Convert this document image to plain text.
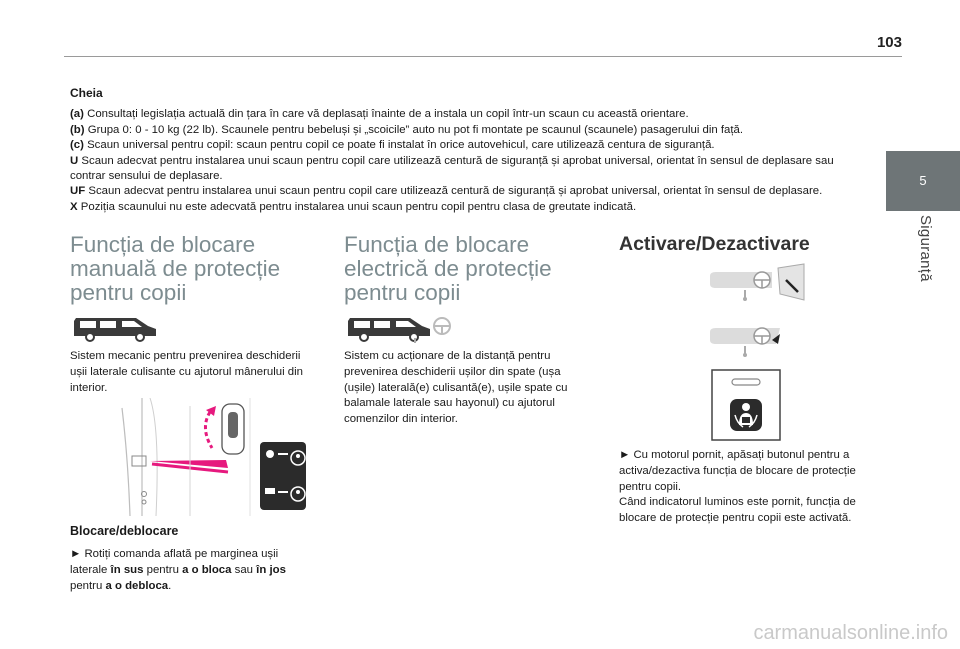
103
5
Siguranță
Cheia
(a) Consultați legislația actuală din țara în care vă deplasați înainte de a instala un copil într-un scaun cu această orientare.
(b) Grupa 0: 0 - 10 kg (22 lb). Scaunele pentru bebeluși și „scoicile” auto nu pot fi montate pe scaunul (scaunele) pasagerului din față.
(c) Scaun universal pentru copil: scaun pentru copil ce poate fi instalat în orice autovehicul, care utilizează centura de siguranță.
U Scaun adecvat pentru instalarea unui scaun pentru copil care utilizează centură de siguranță și aprobat universal, orientat în sensul de deplasare sau contrar sensului de deplasare.
UF Scaun adecvat pentru instalarea unui scaun pentru copil care utilizează centură de siguranță și aprobat universal, orientat în sensul de deplasare.
X Poziția scaunului nu este adecvată pentru instalarea unui scaun pentru copil pentru clasa de greutate indicată.
Funcția de blocare
manuală de protecție
pentru copii
Sistem mecanic pentru prevenirea deschiderii
ușii laterale culisante cu ajutorul mânerului din
interior.
Blocare/deblocare
► Rotiți comanda aflată pe marginea ușii
laterale în sus pentru a o bloca sau în jos
pentru a o debloca.
Funcția de blocare
electrică de protecție
pentru copii
Sistem cu acționare de la distanță pentru
prevenirea deschiderii ușilor din spate (ușa
(ușile) laterală(e) culisantă(e), ușile spate cu
balamale laterale sau hayonul) cu ajutorul
comenzilor din interior.
Activare/Dezactivare
► Cu motorul pornit, apăsați butonul pentru a
activa/dezactiva funcția de blocare de protecție
pentru copii.
Când indicatorul luminos este pornit, funcția de
blocare de protecție pentru copii este activată.
carmanualsonline.info
